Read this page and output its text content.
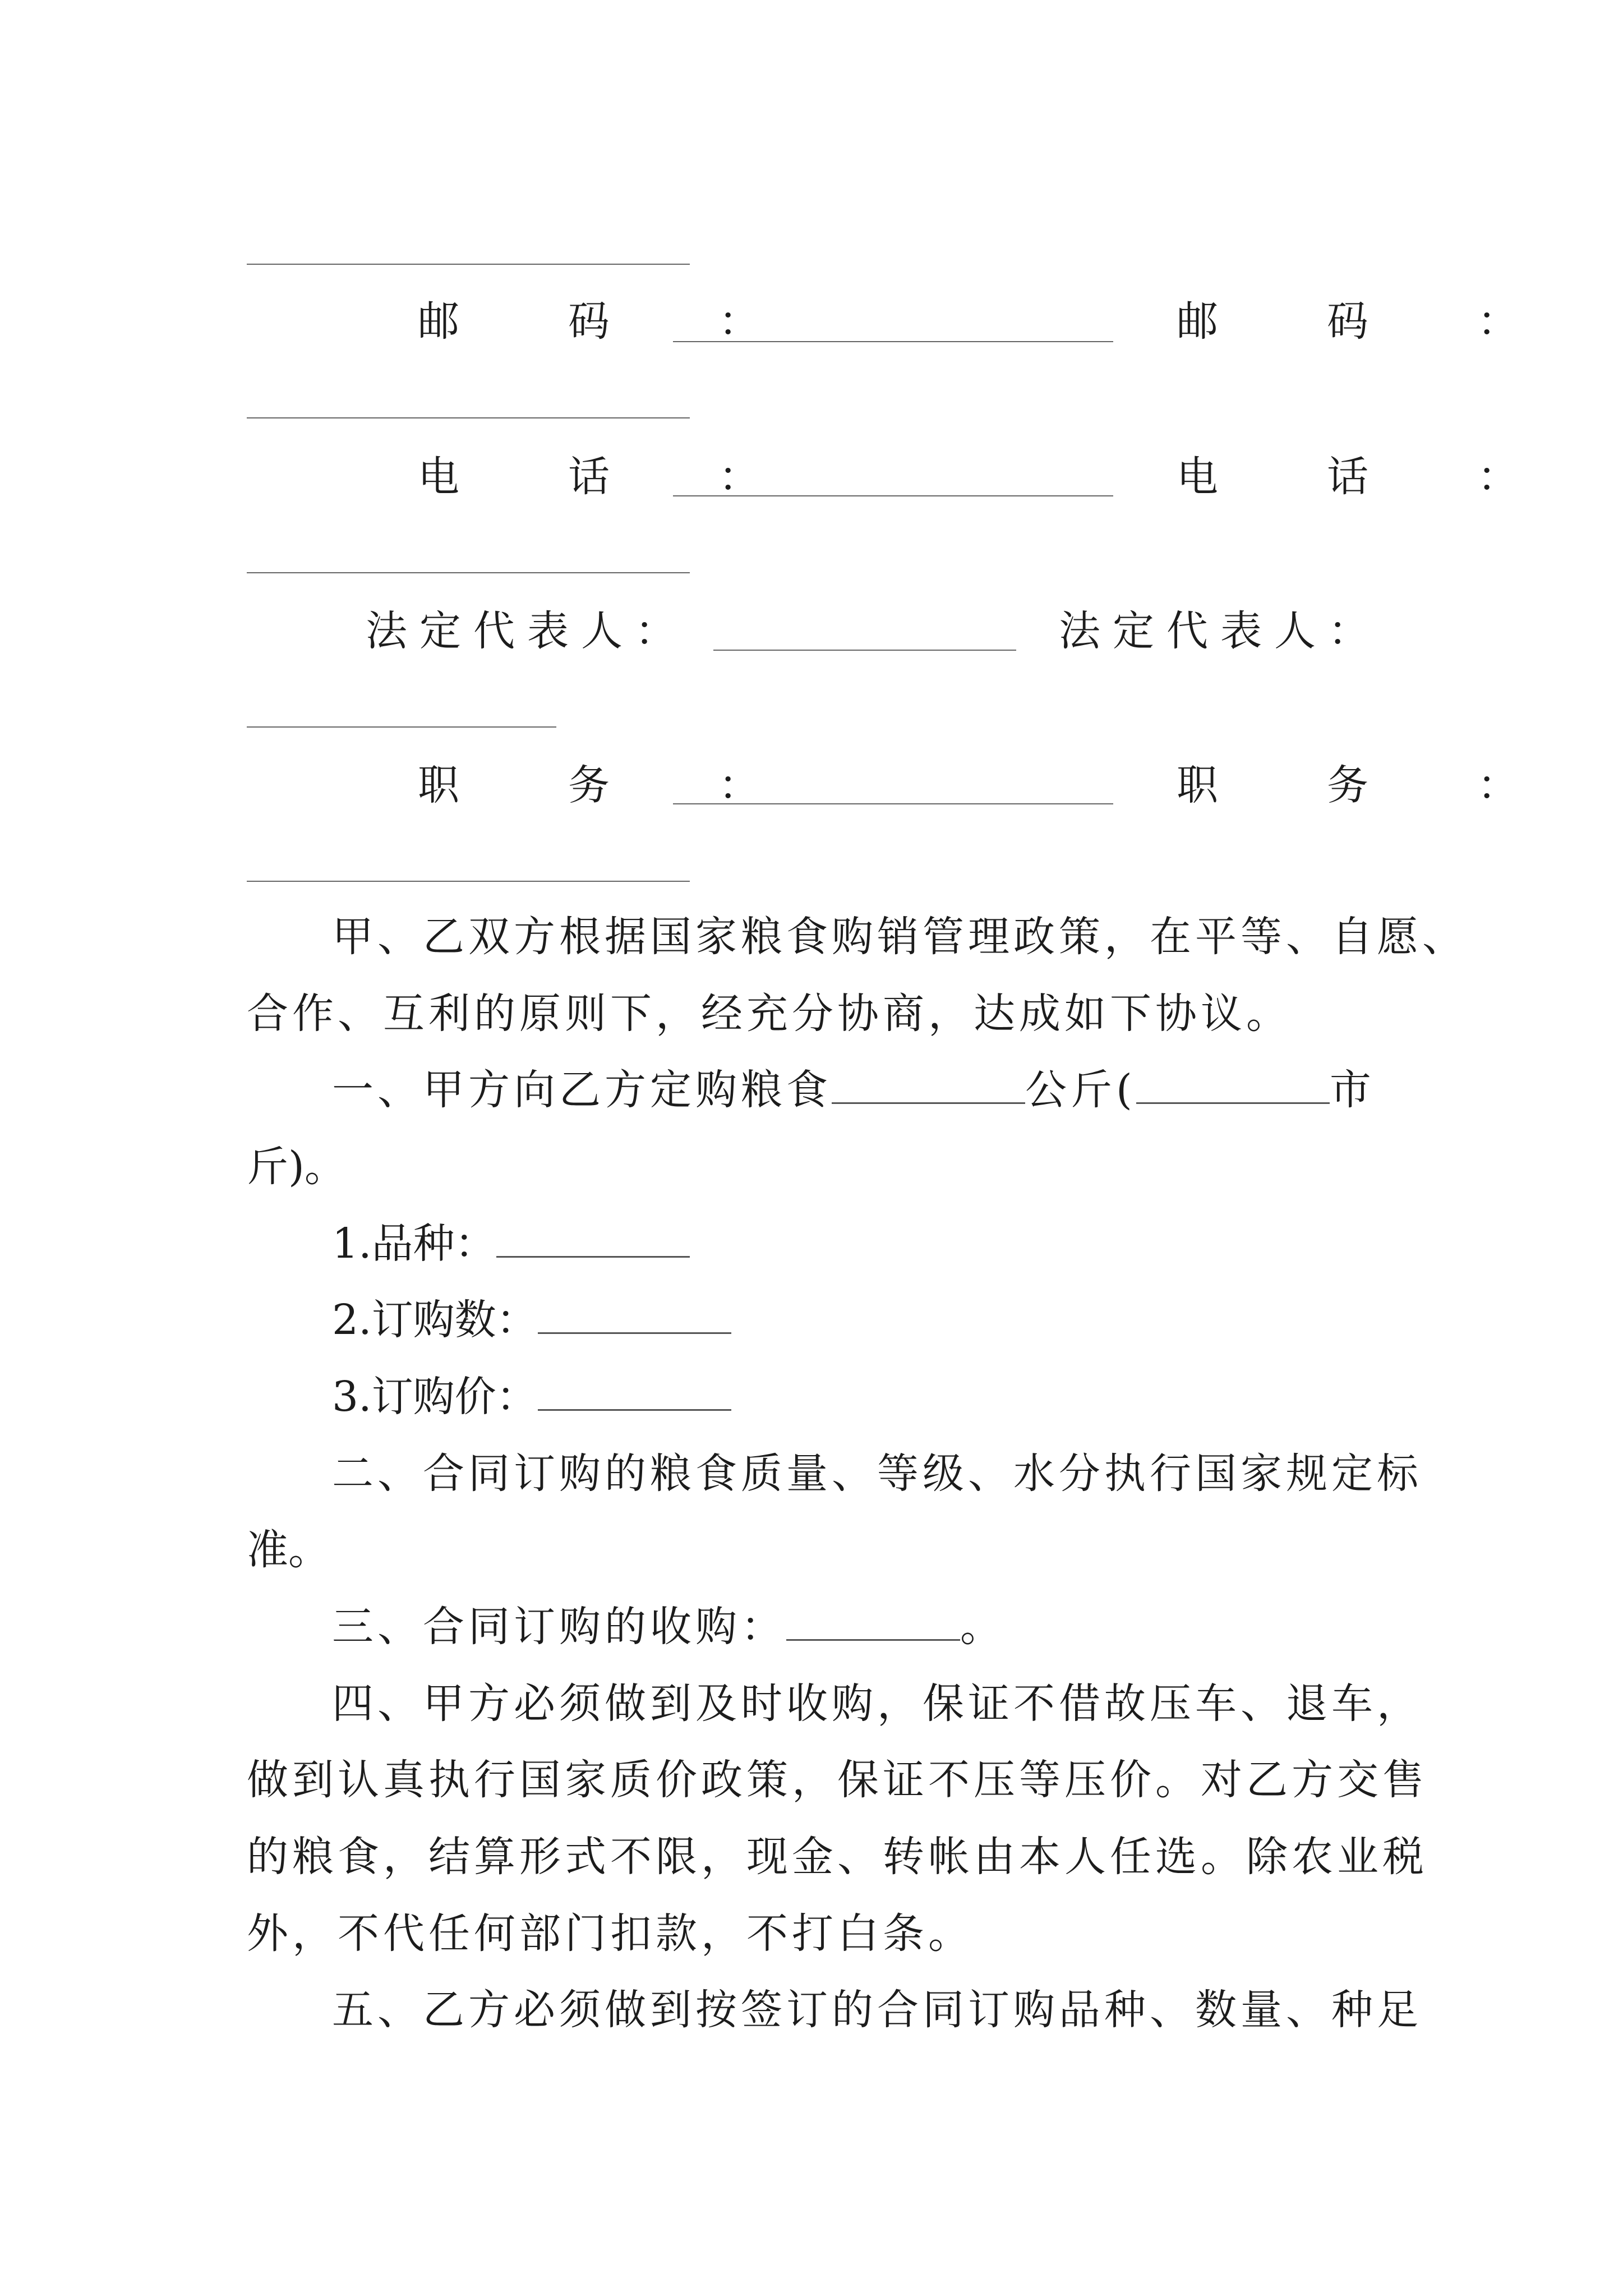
邮　码　：	邮　码　：
电　话　：	电　话　：
法定代表人：	法定代表人：
职　务　：	职　务　：
甲、乙双方根据国家粮食购销管理政策，在平等、自愿、
合作、互利的原则下，经充分协商，达成如下协议。
一、甲方向乙方定购粮食	公斤(	市
斤)。
1.品种：
2.订购数：
3.订购价：
二、合同订购的粮食质量、等级、水分执行国家规定标
准。
三、合同订购的收购：	。
四、甲方必须做到及时收购，保证不借故压车、退车，
做到认真执行国家质价政策，保证不压等压价。对乙方交售
的粮食，结算形式不限，现金、转帐由本人任选。除农业税
外，不代任何部门扣款，不打白条。
五、乙方必须做到按签订的合同订购品种、数量、种足
